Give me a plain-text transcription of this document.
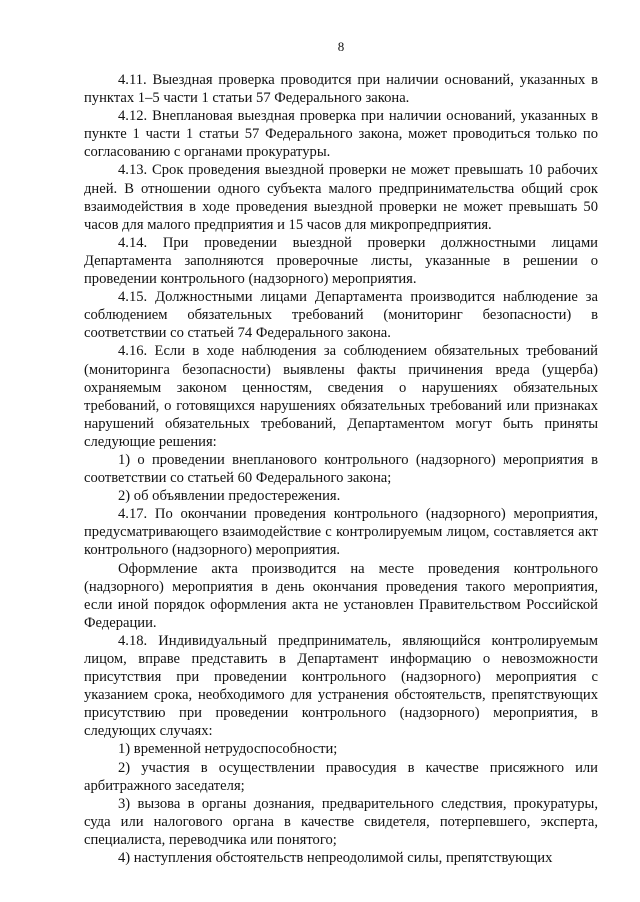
8

4.11. Выездная проверка проводится при наличии оснований, указанных в пунктах 1–5 части 1 статьи 57 Федерального закона.

4.12. Внеплановая выездная проверка при наличии оснований, указанных в пункте 1 части 1 статьи 57 Федерального закона, может проводиться только по согласованию с органами прокуратуры.

4.13. Срок проведения выездной проверки не может превышать 10 рабочих дней. В отношении одного субъекта малого предпринимательства общий срок взаимодействия в ходе проведения выездной проверки не может превышать 50 часов для малого предприятия и 15 часов для микропредприятия.

4.14. При проведении выездной проверки должностными лицами Департамента заполняются проверочные листы, указанные в решении о проведении контрольного (надзорного) мероприятия.

4.15. Должностными лицами Департамента производится наблюдение за соблюдением обязательных требований (мониторинг безопасности) в соответствии со статьей 74 Федерального закона.

4.16. Если в ходе наблюдения за соблюдением обязательных требований (мониторинга безопасности) выявлены факты причинения вреда (ущерба) охраняемым законом ценностям, сведения о нарушениях обязательных требований, о готовящихся нарушениях обязательных требований или признаках нарушений обязательных требований, Департаментом могут быть приняты следующие решения:

1) о проведении внепланового контрольного (надзорного) мероприятия в соответствии со статьей 60 Федерального закона;

2) об объявлении предостережения.

4.17. По окончании проведения контрольного (надзорного) мероприятия, предусматривающего взаимодействие с контролируемым лицом, составляется акт контрольного (надзорного) мероприятия.

Оформление акта производится на месте проведения контрольного (надзорного) мероприятия в день окончания проведения такого мероприятия, если иной порядок оформления акта не установлен Правительством Российской Федерации.

4.18. Индивидуальный предприниматель, являющийся контролируемым лицом, вправе представить в Департамент информацию о невозможности присутствия при проведении контрольного (надзорного) мероприятия с указанием срока, необходимого для устранения обстоятельств, препятствующих присутствию при проведении контрольного (надзорного) мероприятия, в следующих случаях:

1) временной нетрудоспособности;

2) участия в осуществлении правосудия в качестве присяжного или арбитражного заседателя;

3) вызова в органы дознания, предварительного следствия, прокуратуры, суда или налогового органа в качестве свидетеля, потерпевшего, эксперта, специалиста, переводчика или понятого;

4) наступления обстоятельств непреодолимой силы, препятствующих
